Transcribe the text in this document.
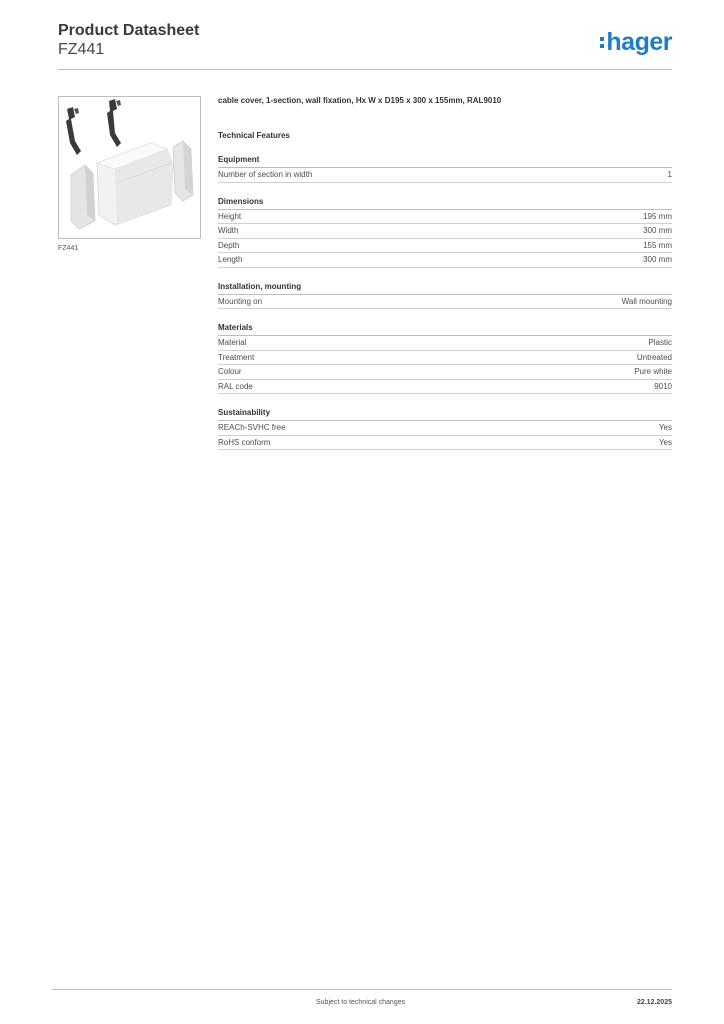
Product Datasheet
FZ441	hager
FZ441
cable cover, 1-section, wall fixation, Hx W x D195 x 300 x 155mm, RAL9010
Technical Features
Equipment
Number of section in width	1
Dimensions
Height	195 mm
Width	300 mm
Depth	155 mm
Length	300 mm
Installation, mounting
Mounting on	Wall mounting
Materials
Material	Plastic
Treatment	Untreated
Colour	Pure white
RAL code	9010
Sustainability
REACh-SVHC free	Yes
RoHS conform	Yes
Subject to technical changes	22.12.2025
